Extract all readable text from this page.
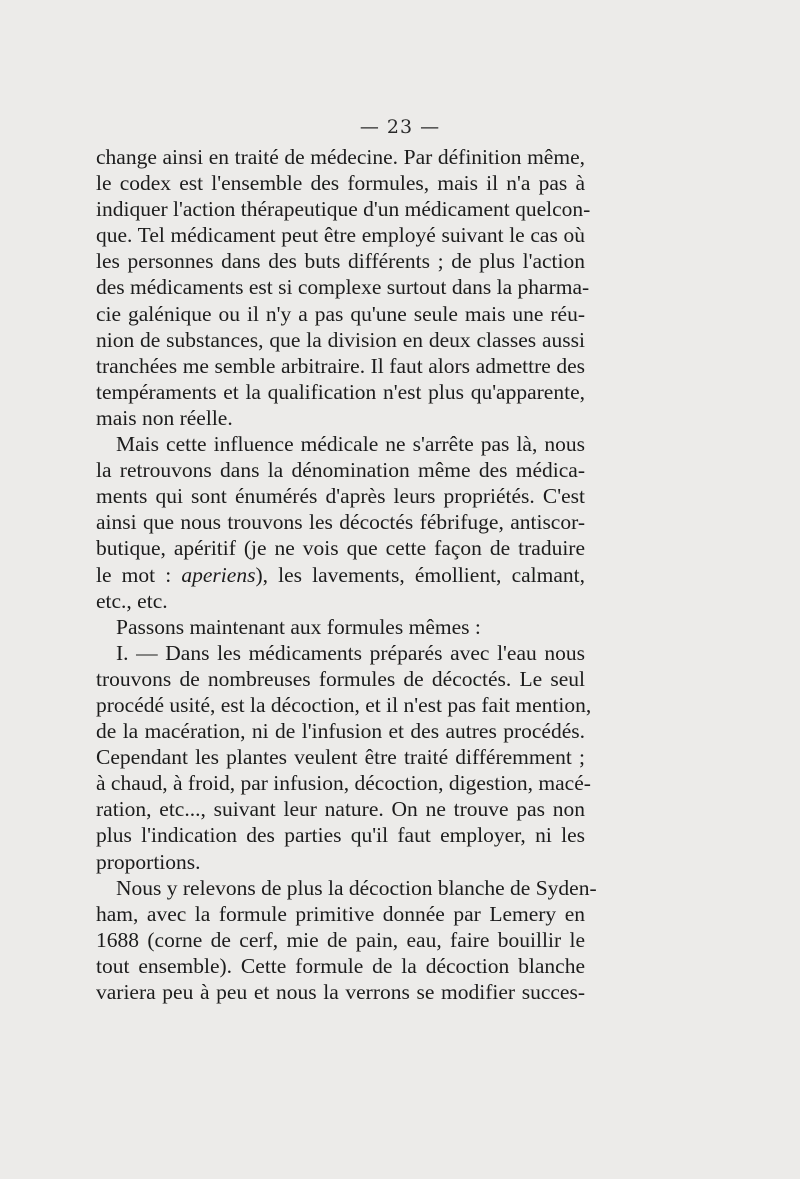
— 23 —
change ainsi en traité de médecine. Par définition même,
le codex est l'ensemble des formules, mais il n'a pas à
indiquer l'action thérapeutique d'un médicament quelcon-
que. Tel médicament peut être employé suivant le cas où
les personnes dans des buts différents ; de plus l'action
des médicaments est si complexe surtout dans la pharma-
cie galénique ou il n'y a pas qu'une seule mais une réu-
nion de substances, que la division en deux classes aussi
tranchées me semble arbitraire. Il faut alors admettre des
tempéraments et la qualification n'est plus qu'apparente,
mais non réelle.
Mais cette influence médicale ne s'arrête pas là, nous
la retrouvons dans la dénomination même des médica-
ments qui sont énumérés d'après leurs propriétés. C'est
ainsi que nous trouvons les décoctés fébrifuge, antiscor-
butique, apéritif (je ne vois que cette façon de traduire
le mot : aperiens), les lavements, émollient, calmant,
etc., etc.
Passons maintenant aux formules mêmes :
I. — Dans les médicaments préparés avec l'eau nous
trouvons de nombreuses formules de décoctés. Le seul
procédé usité, est la décoction, et il n'est pas fait mention,
de la macération, ni de l'infusion et des autres procédés.
Cependant les plantes veulent être traité différemment ;
à chaud, à froid, par infusion, décoction, digestion, macé-
ration, etc..., suivant leur nature. On ne trouve pas non
plus l'indication des parties qu'il faut employer, ni les
proportions.
Nous y relevons de plus la décoction blanche de Syden-
ham, avec la formule primitive donnée par Lemery en
1688 (corne de cerf, mie de pain, eau, faire bouillir le
tout ensemble). Cette formule de la décoction blanche
variera peu à peu et nous la verrons se modifier succes-
